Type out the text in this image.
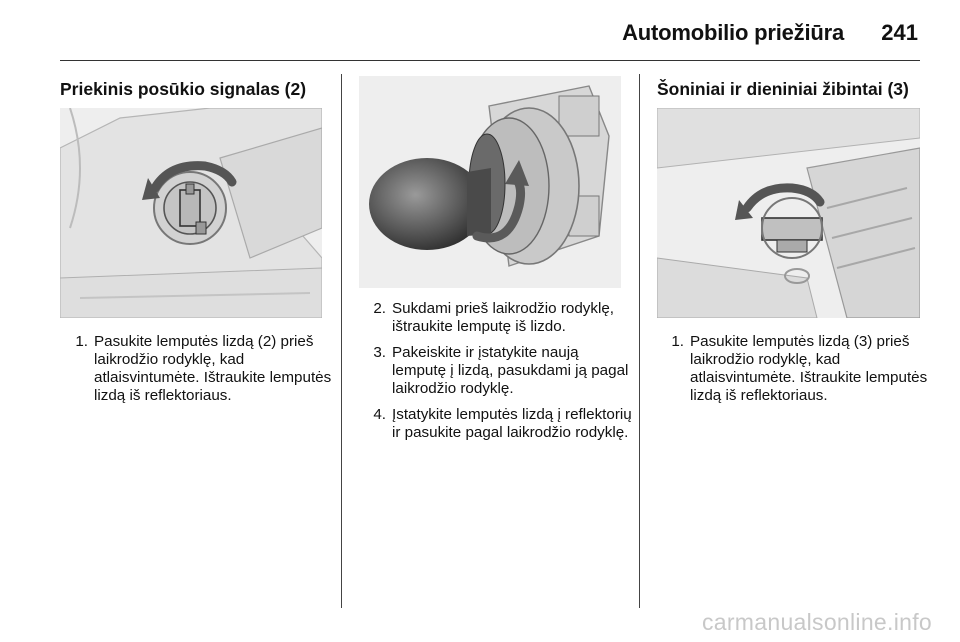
Automobilio priežiūra 241
Priekinis posūkio signalas (2)
1. Pasukite lemputės lizdą (2) prieš laikrodžio rodyklę, kad atlaisvintumėte. Ištraukite lemputės lizdą iš reflektoriaus.
2. Sukdami prieš laikrodžio rodyklę, ištraukite lemputę iš lizdo.
3. Pakeiskite ir įstatykite naują lemputę į lizdą, pasukdami ją pagal laikrodžio rodyklę.
4. Įstatykite lemputės lizdą į reflektorių ir pasukite pagal laikrodžio rodyklę.
Šoniniai ir dieniniai žibintai (3)
1. Pasukite lemputės lizdą (3) prieš laikrodžio rodyklę, kad atlaisvintumėte. Ištraukite lemputės lizdą iš reflektoriaus.
carmanualsonline.info
